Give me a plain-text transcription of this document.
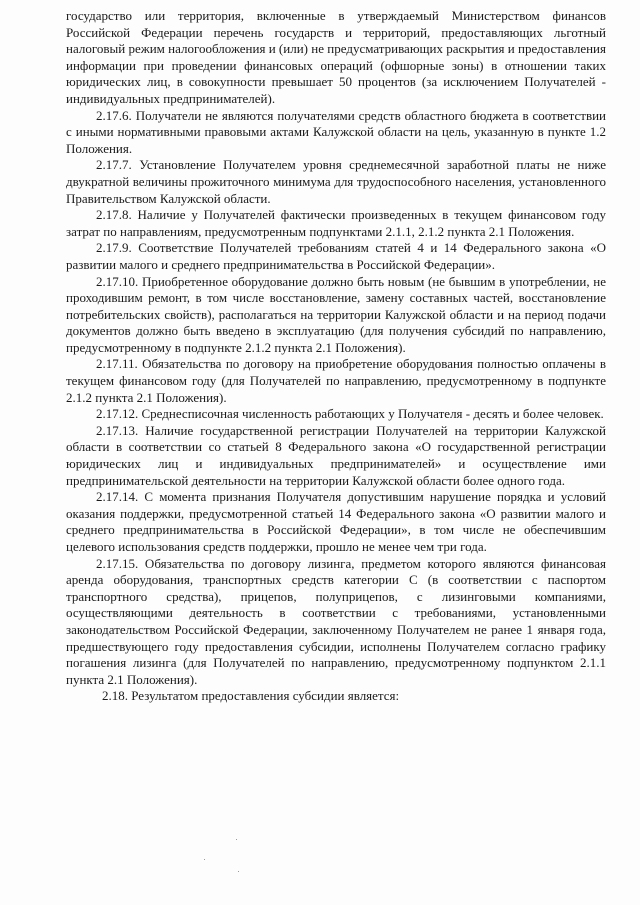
государство или территория, включенные в утверждаемый Министерством финансов Российской Федерации перечень государств и территорий, предоставляющих льготный налоговый режим налогообложения и (или) не предусматривающих раскрытия и предоставления информации при проведении финансовых операций (офшорные зоны) в отношении таких юридических лиц, в совокупности превышает 50 процентов (за исключением Получателей - индивидуальных предпринимателей).

2.17.6. Получатели не являются получателями средств областного бюджета в соответствии с иными нормативными правовыми актами Калужской области на цель, указанную в пункте 1.2 Положения.

2.17.7. Установление Получателем уровня среднемесячной заработной платы не ниже двукратной величины прожиточного минимума для трудоспособного населения, установленного Правительством Калужской области.

2.17.8. Наличие у Получателей фактически произведенных в текущем финансовом году затрат по направлениям, предусмотренным подпунктами 2.1.1, 2.1.2 пункта 2.1 Положения.

2.17.9. Соответствие Получателей требованиям статей 4 и 14 Федерального закона «О развитии малого и среднего предпринимательства в Российской Федерации».

2.17.10. Приобретенное оборудование должно быть новым (не бывшим в употреблении, не проходившим ремонт, в том числе восстановление, замену составных частей, восстановление потребительских свойств), располагаться на территории Калужской области и на период подачи документов должно быть введено в эксплуатацию (для получения субсидий по направлению, предусмотренному в подпункте 2.1.2 пункта 2.1 Положения).

2.17.11. Обязательства по договору на приобретение оборудования полностью оплачены в текущем финансовом году (для Получателей по направлению, предусмотренному в подпункте 2.1.2 пункта 2.1 Положения).

2.17.12. Среднесписочная численность работающих у Получателя - десять и более человек.

2.17.13. Наличие государственной регистрации Получателей на территории Калужской области в соответствии со статьей 8 Федерального закона «О государственной регистрации юридических лиц и индивидуальных предпринимателей» и осуществление ими предпринимательской деятельности на территории Калужской области более одного года.

2.17.14. С момента признания Получателя допустившим нарушение порядка и условий оказания поддержки, предусмотренной статьей 14 Федерального закона «О развитии малого и среднего предпринимательства в Российской Федерации», в том числе не обеспечившим целевого использования средств поддержки, прошло не менее чем три года.

2.17.15. Обязательства по договору лизинга, предметом которого являются финансовая аренда оборудования, транспортных средств категории С (в соответствии с паспортом транспортного средства), прицепов, полуприцепов, с лизинговыми компаниями, осуществляющими деятельность в соответствии с требованиями, установленными законодательством Российской Федерации, заключенному Получателем не ранее 1 января года, предшествующего году предоставления субсидии, исполнены Получателем согласно графику погашения лизинга (для Получателей по направлению, предусмотренному подпунктом 2.1.1 пункта 2.1 Положения).

2.18. Результатом предоставления субсидии является:
